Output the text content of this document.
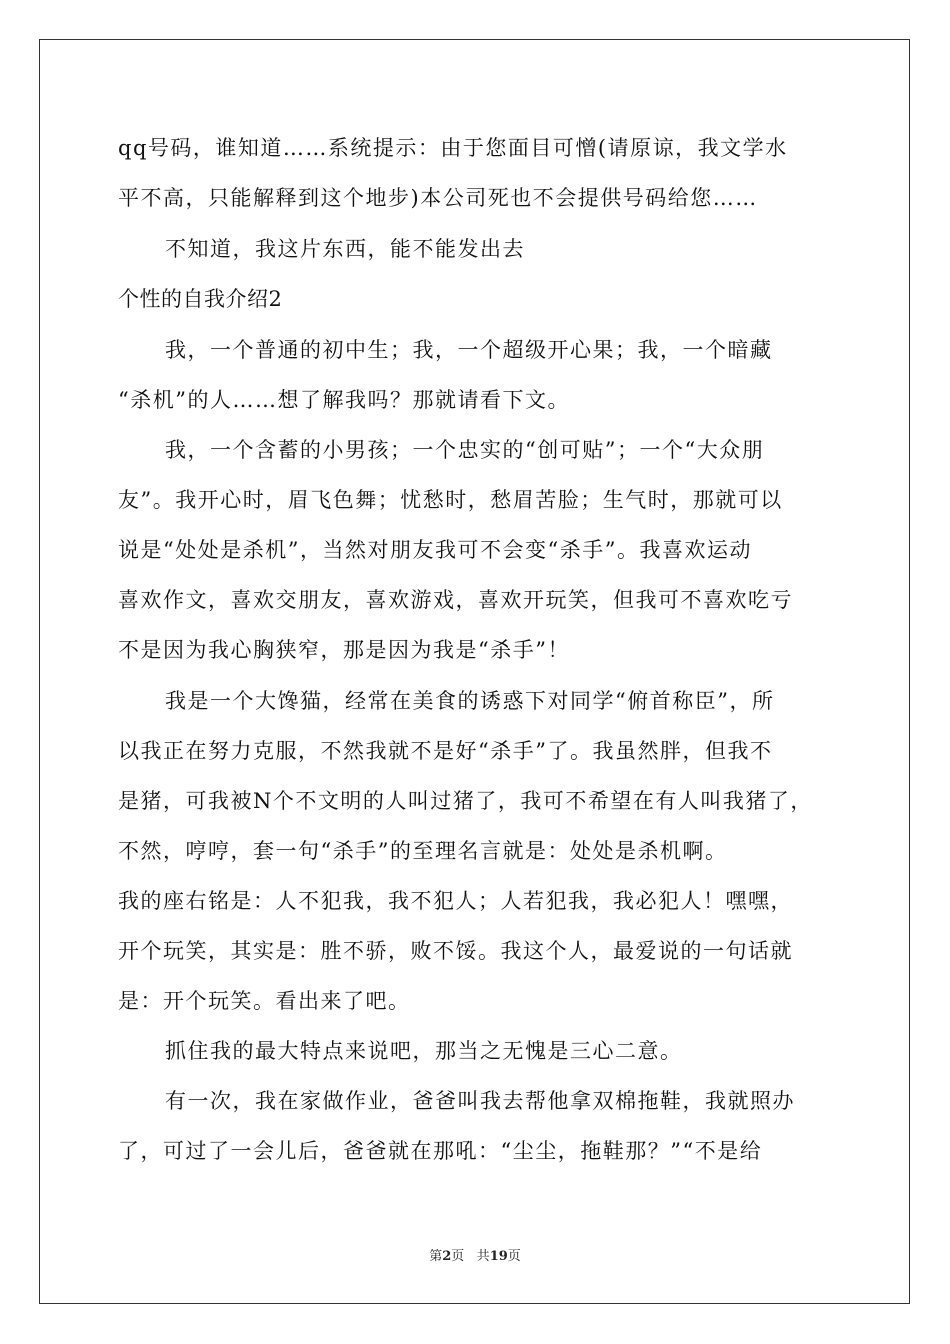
qq号码，谁知道……系统提示：由于您面目可憎(请原谅，我文学水
平不高，只能解释到这个地步)本公司死也不会提供号码给您……
不知道，我这片东西，能不能发出去
个性的自我介绍2
我，一个普通的初中生；我，一个超级开心果；我，一个暗藏
“杀机”的人……想了解我吗？那就请看下文。
我，一个含蓄的小男孩；一个忠实的“创可贴”；一个“大众朋
友”。我开心时，眉飞色舞；忧愁时，愁眉苦脸；生气时，那就可以
说是“处处是杀机”，当然对朋友我可不会变“杀手”。我喜欢运动
喜欢作文，喜欢交朋友，喜欢游戏，喜欢开玩笑，但我可不喜欢吃亏
不是因为我心胸狭窄，那是因为我是“杀手”！
我是一个大馋猫，经常在美食的诱惑下对同学“俯首称臣”，所
以我正在努力克服，不然我就不是好“杀手”了。我虽然胖，但我不
是猪，可我被N个不文明的人叫过猪了，我可不希望在有人叫我猪了，
不然，哼哼，套一句“杀手”的至理名言就是：处处是杀机啊。
我的座右铭是：人不犯我，我不犯人；人若犯我，我必犯人！嘿嘿，
开个玩笑，其实是：胜不骄，败不馁。我这个人，最爱说的一句话就
是：开个玩笑。看出来了吧。
抓住我的最大特点来说吧，那当之无愧是三心二意。
有一次，我在家做作业，爸爸叫我去帮他拿双棉拖鞋，我就照办
了，可过了一会儿后，爸爸就在那吼：“尘尘，拖鞋那？”“不是给
第2页 共19页
